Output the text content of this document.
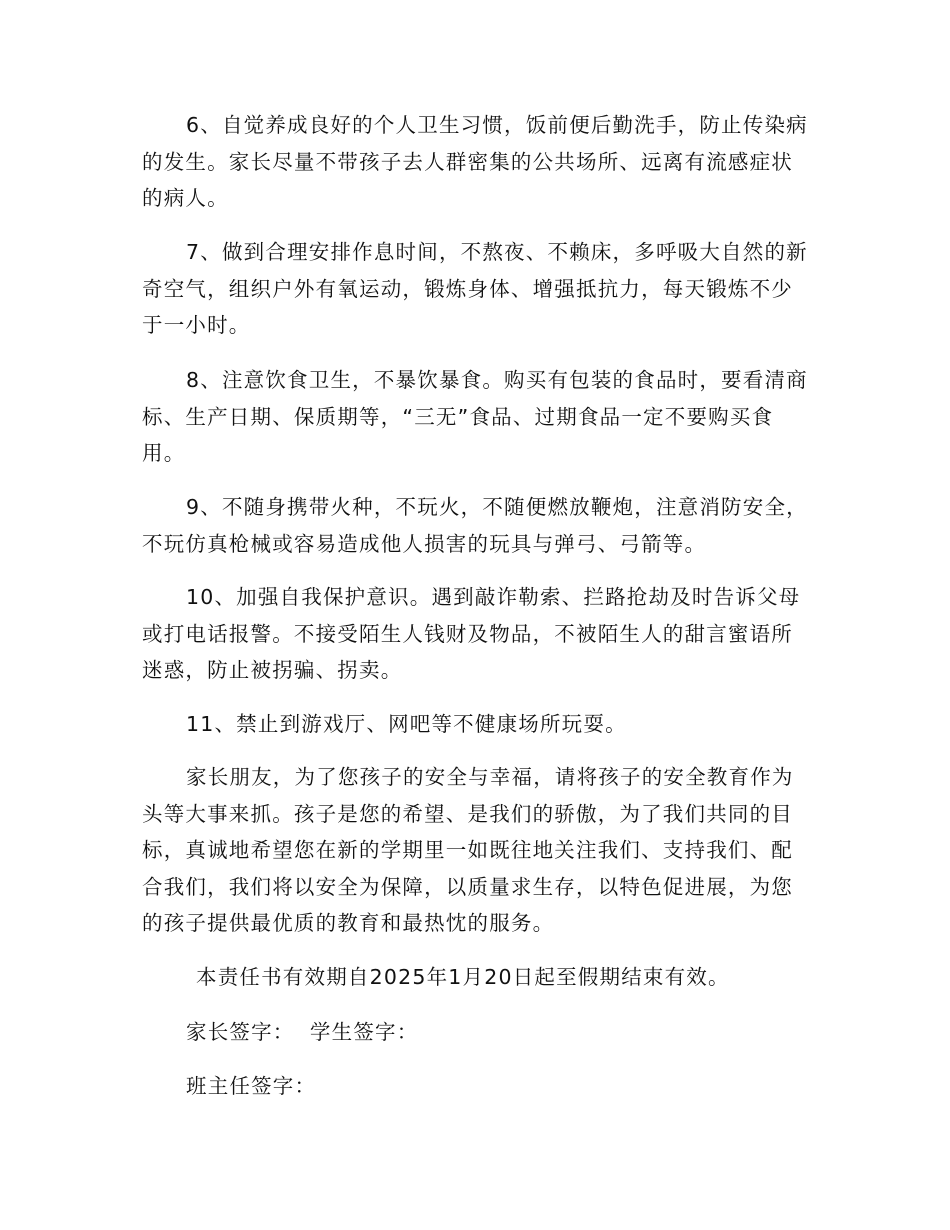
6、自觉养成良好的个人卫生习惯，饭前便后勤洗手，防止传染病的发生。家长尽量不带孩子去人群密集的公共场所、远离有流感症状的病人。

7、做到合理安排作息时间，不熬夜、不赖床，多呼吸大自然的新奇空气，组织户外有氧运动，锻炼身体、增强抵抗力，每天锻炼不少于一小时。

8、注意饮食卫生，不暴饮暴食。购买有包装的食品时，要看清商标、生产日期、保质期等，“三无”食品、过期食品一定不要购买食用。

9、不随身携带火种，不玩火，不随便燃放鞭炮，注意消防安全，不玩仿真枪械或容易造成他人损害的玩具与弹弓、弓箭等。

10、加强自我保护意识。遇到敲诈勒索、拦路抢劫及时告诉父母或打电话报警。不接受陌生人钱财及物品，不被陌生人的甜言蜜语所迷惑，防止被拐骗、拐卖。

11、禁止到游戏厅、网吧等不健康场所玩耍。

家长朋友，为了您孩子的安全与幸福，请将孩子的安全教育作为头等大事来抓。孩子是您的希望、是我们的骄傲，为了我们共同的目标，真诚地希望您在新的学期里一如既往地关注我们、支持我们、配合我们，我们将以安全为保障，以质量求生存，以特色促进展，为您的孩子提供最优质的教育和最热忱的服务。

本责任书有效期自2025年1月20日起至假期结束有效。

家长签字：  学生签字：

班主任签字：
